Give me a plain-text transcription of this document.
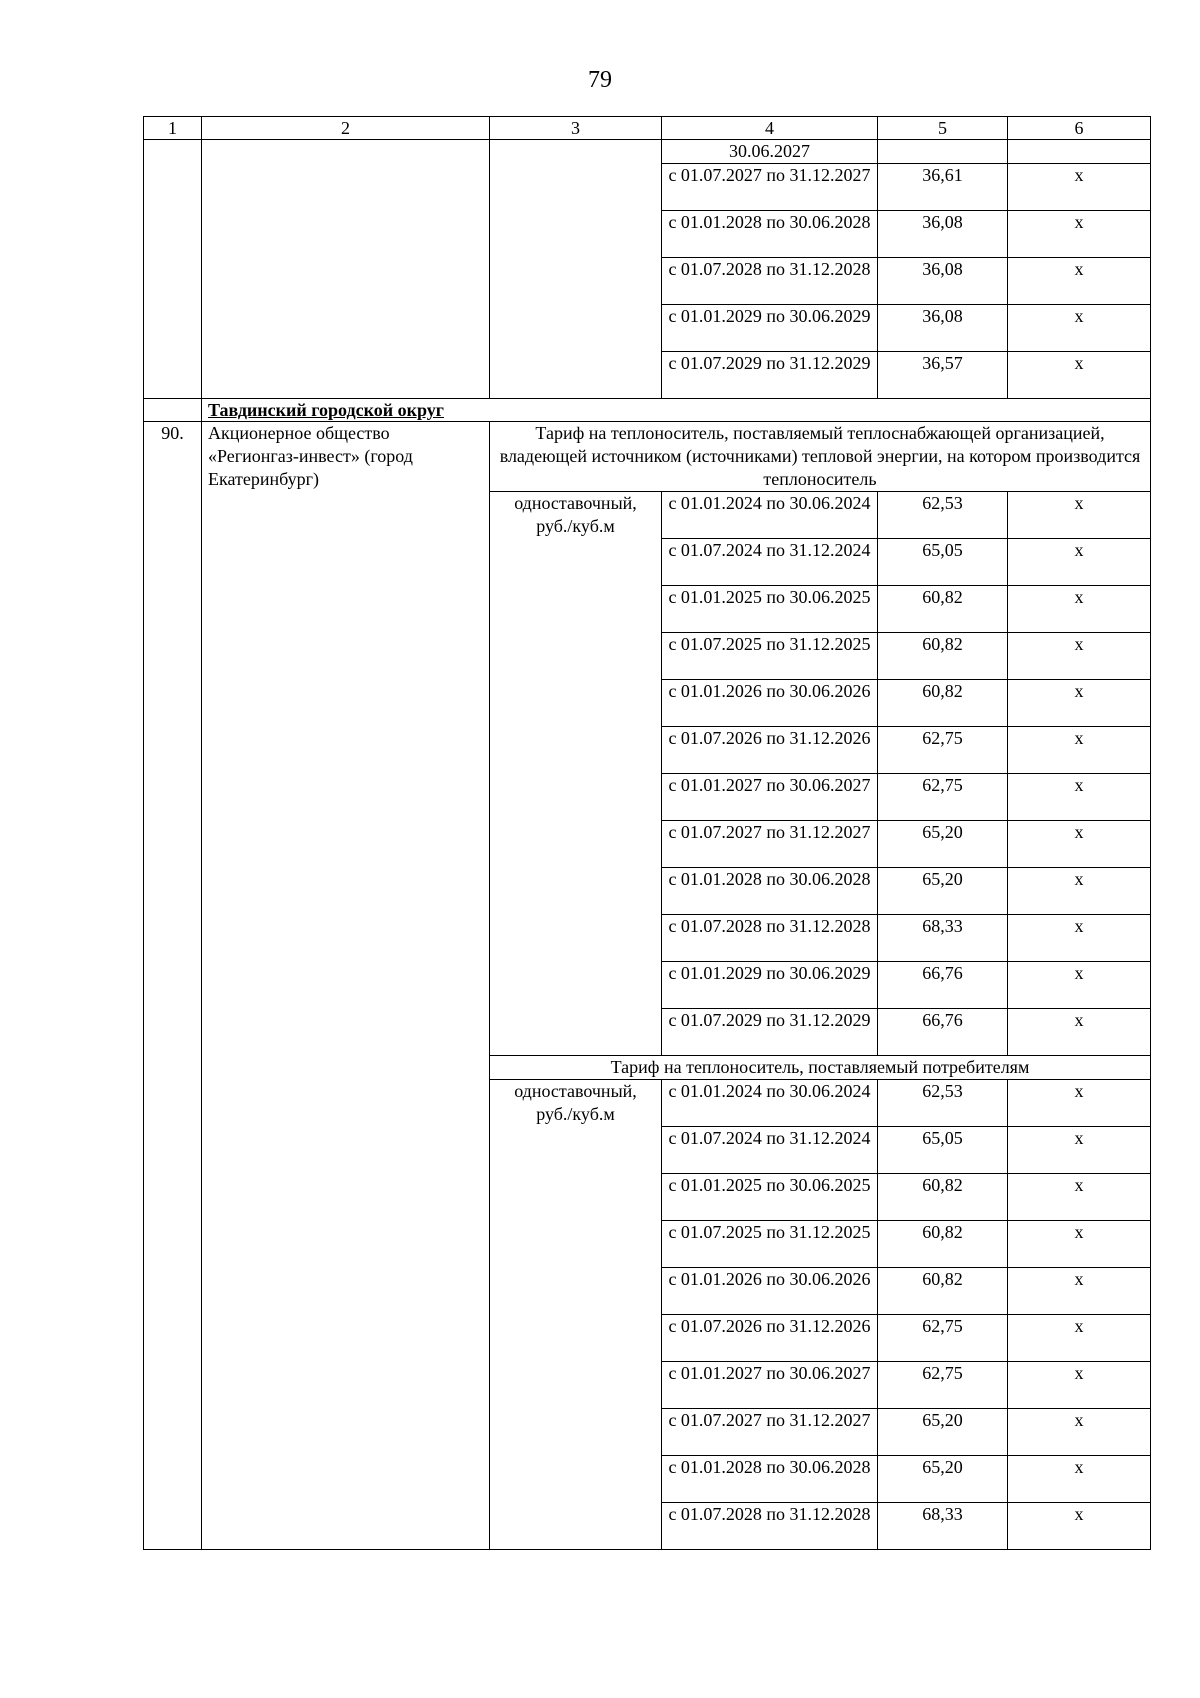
79
1	2	3	4	5	6
			30.06.2027		
			с 01.07.2027 по 31.12.2027	36,61	х
			с 01.01.2028 по 30.06.2028	36,08	х
			с 01.07.2028 по 31.12.2028	36,08	х
			с 01.01.2029 по 30.06.2029	36,08	х
			с 01.07.2029 по 31.12.2029	36,57	х
	Тавдинский городской округ				
90.	Акционерное общество «Регионгаз-инвест» (город Екатеринбург)	Тариф на теплоноситель, поставляемый теплоснабжающей организацией, владеющей источником (источниками) тепловой энергии, на котором производится теплоноситель			
		одноставочный, руб./куб.м	с 01.01.2024 по 30.06.2024	62,53	х
			с 01.07.2024 по 31.12.2024	65,05	х
			с 01.01.2025 по 30.06.2025	60,82	х
			с 01.07.2025 по 31.12.2025	60,82	х
			с 01.01.2026 по 30.06.2026	60,82	х
			с 01.07.2026 по 31.12.2026	62,75	х
			с 01.01.2027 по 30.06.2027	62,75	х
			с 01.07.2027 по 31.12.2027	65,20	х
			с 01.01.2028 по 30.06.2028	65,20	х
			с 01.07.2028 по 31.12.2028	68,33	х
			с 01.01.2029 по 30.06.2029	66,76	х
			с 01.07.2029 по 31.12.2029	66,76	х
		Тариф на теплоноситель, поставляемый потребителям			
		одноставочный, руб./куб.м	с 01.01.2024 по 30.06.2024	62,53	х
			с 01.07.2024 по 31.12.2024	65,05	х
			с 01.01.2025 по 30.06.2025	60,82	х
			с 01.07.2025 по 31.12.2025	60,82	х
			с 01.01.2026 по 30.06.2026	60,82	х
			с 01.07.2026 по 31.12.2026	62,75	х
			с 01.01.2027 по 30.06.2027	62,75	х
			с 01.07.2027 по 31.12.2027	65,20	х
			с 01.01.2028 по 30.06.2028	65,20	х
			с 01.07.2028 по 31.12.2028	68,33	х
